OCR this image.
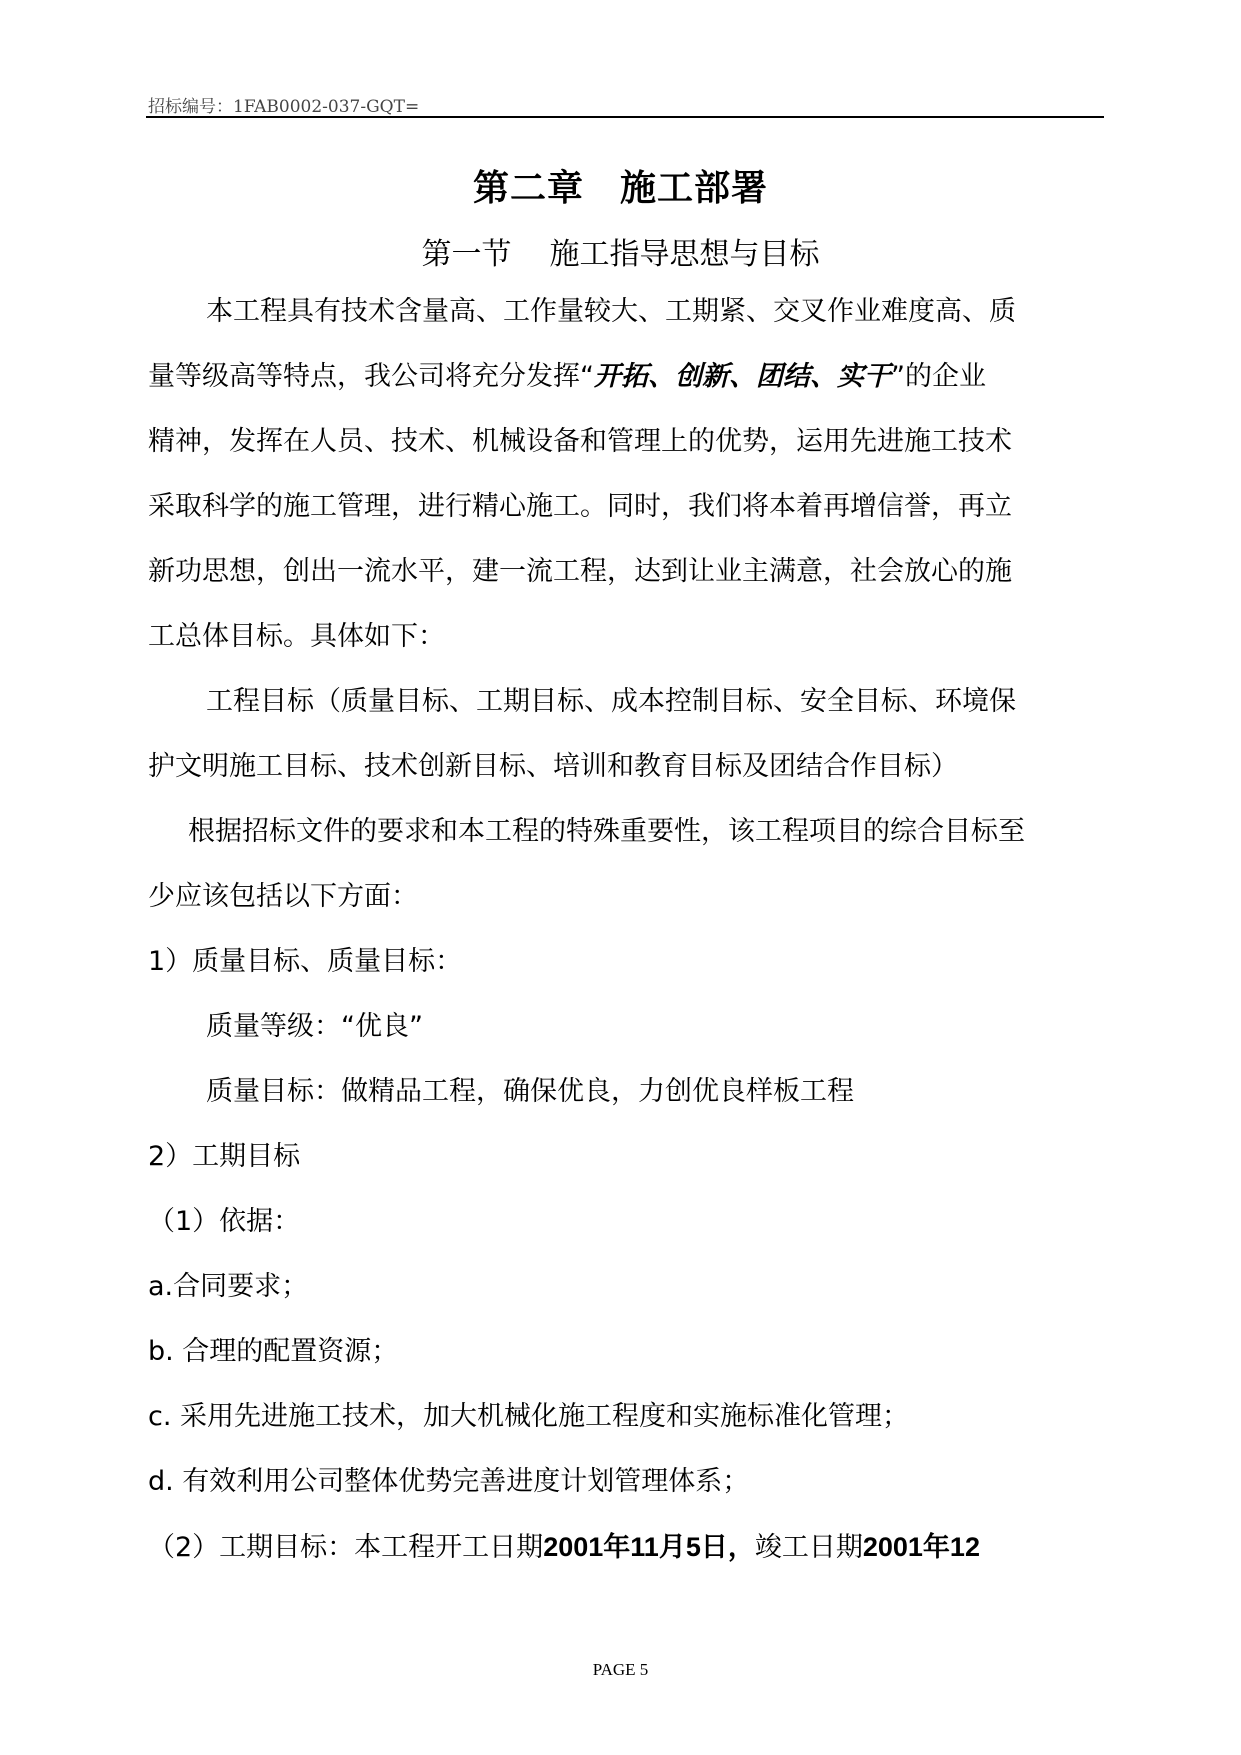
招标编号：1FAB0002-037-GQT=
第二章 施工部署
第一节 施工指导思想与目标
本工程具有技术含量高、工作量较大、工期紧、交叉作业难度高、质
量等级高等特点，我公司将充分发挥“开拓、创新、团结、实干”的企业
精神，发挥在人员、技术、机械设备和管理上的优势，运用先进施工技术
采取科学的施工管理，进行精心施工。同时，我们将本着再增信誉，再立
新功思想，创出一流水平，建一流工程，达到让业主满意，社会放心的施
工总体目标。具体如下：
工程目标（质量目标、工期目标、成本控制目标、安全目标、环境保
护文明施工目标、技术创新目标、培训和教育目标及团结合作目标）
根据招标文件的要求和本工程的特殊重要性，该工程项目的综合目标至
少应该包括以下方面：
1）质量目标、质量目标：
质量等级：“优良”
质量目标：做精品工程，确保优良，力创优良样板工程
2）工期目标
（1）依据：
a.合同要求；
b. 合理的配置资源；
c. 采用先进施工技术，加大机械化施工程度和实施标准化管理；
d. 有效利用公司整体优势完善进度计划管理体系；
（2）工期目标：本工程开工日期2001年11月5日，竣工日期2001年12
PAGE 5
